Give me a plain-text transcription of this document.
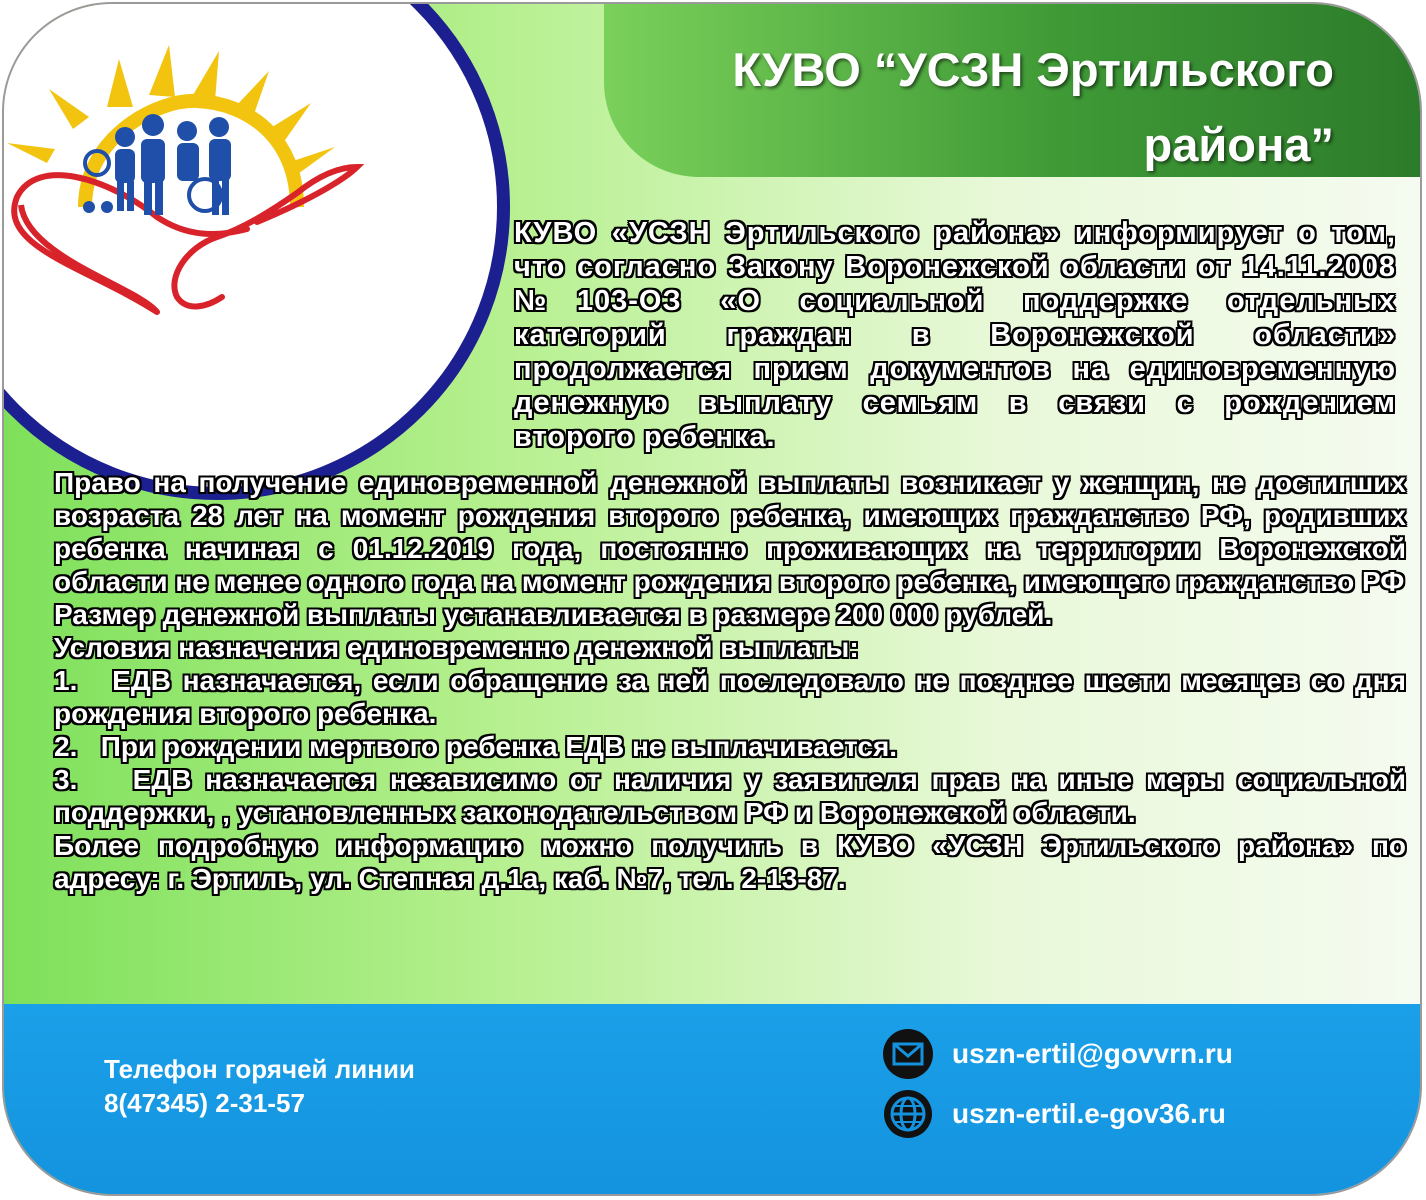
КУВО “УСЗН Эртильского района”
КУВО «УСЗН Эртильского района» информирует о том, что согласно Закону Воронежской области от 14.11.2008 №103-ОЗ «О социальной поддержке отдельных категорий граждан в Воронежской области» продолжается прием документов на единовременную денежную выплату семьям в связи с рождением второго ребенка.

Право на получение единовременной денежной выплаты возникает у женщин, не достигших возраста 28 лет на момент рождения второго ребенка, имеющих гражданство РФ, родивших ребенка начиная с 01.12.2019 года, постоянно проживающих на территории Воронежской области не менее одного года на момент рождения второго ребенка, имеющего гражданство РФ

Размер денежной выплаты устанавливается в размере 200 000 рублей.

Условия назначения единовременно денежной выплаты:

1.   ЕДВ назначается, если обращение за ней последовало не позднее шести месяцев со дня рождения второго ребенка.

2.   При рождении мертвого ребенка ЕДВ не выплачивается.

3.    ЕДВ назначается независимо от наличия у заявителя прав на иные меры социальной поддержки, , установленных законодательством РФ и Воронежской области.

Более подробную информацию можно получить в КУВО «УСЗН Эртильского района» по адресу: г. Эртиль, ул. Степная д.1а, каб. №7, тел. 2-13-87.

Телефон горячей линии
8(47345) 2-31-57
uszn-ertil@govvrn.ru
uszn-ertil.e-gov36.ru
